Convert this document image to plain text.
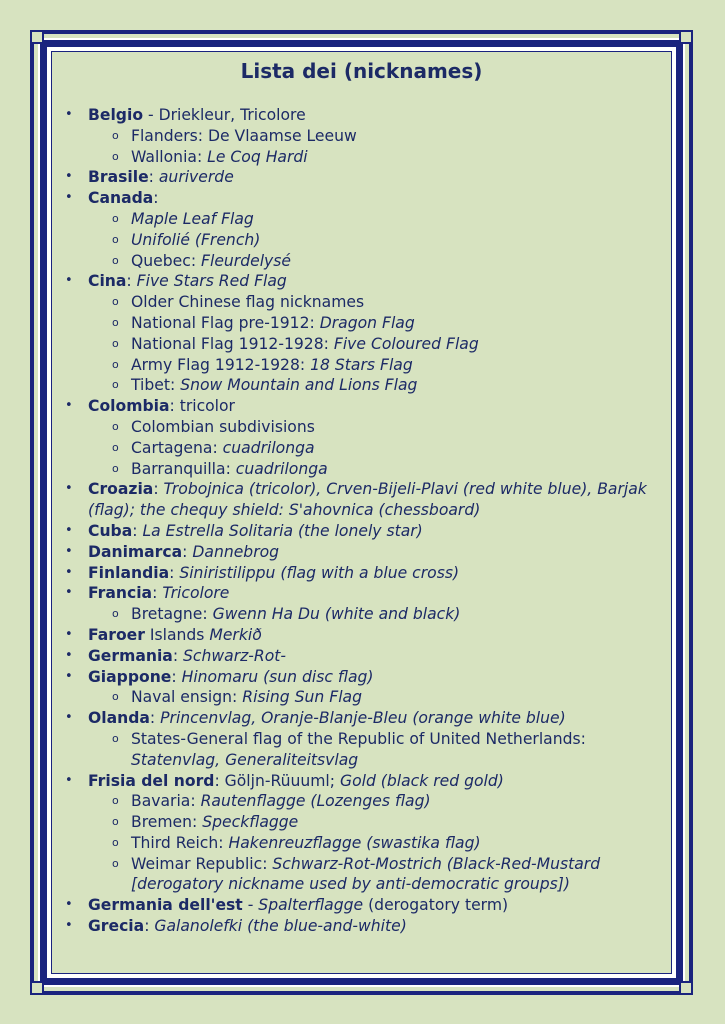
Lista dei (nicknames)
• Belgio - Driekleur, Tricolore
o Flanders: De Vlaamse Leeuw
o Wallonia: Le Coq Hardi
• Brasile: auriverde
• Canada:
o Maple Leaf Flag
o Unifolié (French)
o Quebec: Fleurdelysé
• Cina: Five Stars Red Flag
o Older Chinese flag nicknames
o National Flag pre-1912: Dragon Flag
o National Flag 1912-1928: Five Coloured Flag
o Army Flag 1912-1928: 18 Stars Flag
o Tibet: Snow Mountain and Lions Flag
• Colombia: tricolor
o Colombian subdivisions
o Cartagena: cuadrilonga
o Barranquilla: cuadrilonga
• Croazia: Trobojnica (tricolor), Crven-Bijeli-Plavi (red white blue), Barjak (flag); the chequy shield: S'ahovnica (chessboard)
• Cuba: La Estrella Solitaria (the lonely star)
• Danimarca: Dannebrog
• Finlandia: Siniristilippu (flag with a blue cross)
• Francia: Tricolore
o Bretagne: Gwenn Ha Du (white and black)
• Faroer Islands Merkið
• Germania: Schwarz-Rot-
• Giappone: Hinomaru (sun disc flag)
o Naval ensign: Rising Sun Flag
• Olanda: Princenvlag, Oranje-Blanje-Bleu (orange white blue)
o States-General flag of the Republic of United Netherlands: Statenvlag, Generaliteitsvlag
• Frisia del nord: Göljn-Rüuuml; Gold (black red gold)
o Bavaria: Rautenflagge (Lozenges flag)
o Bremen: Speckflagge
o Third Reich: Hakenreuzflagge (swastika flag)
o Weimar Republic: Schwarz-Rot-Mostrich (Black-Red-Mustard [derogatory nickname used by anti-democratic groups])
• Germania dell'est - Spalterflagge (derogatory term)
• Grecia: Galanolefki (the blue-and-white)
